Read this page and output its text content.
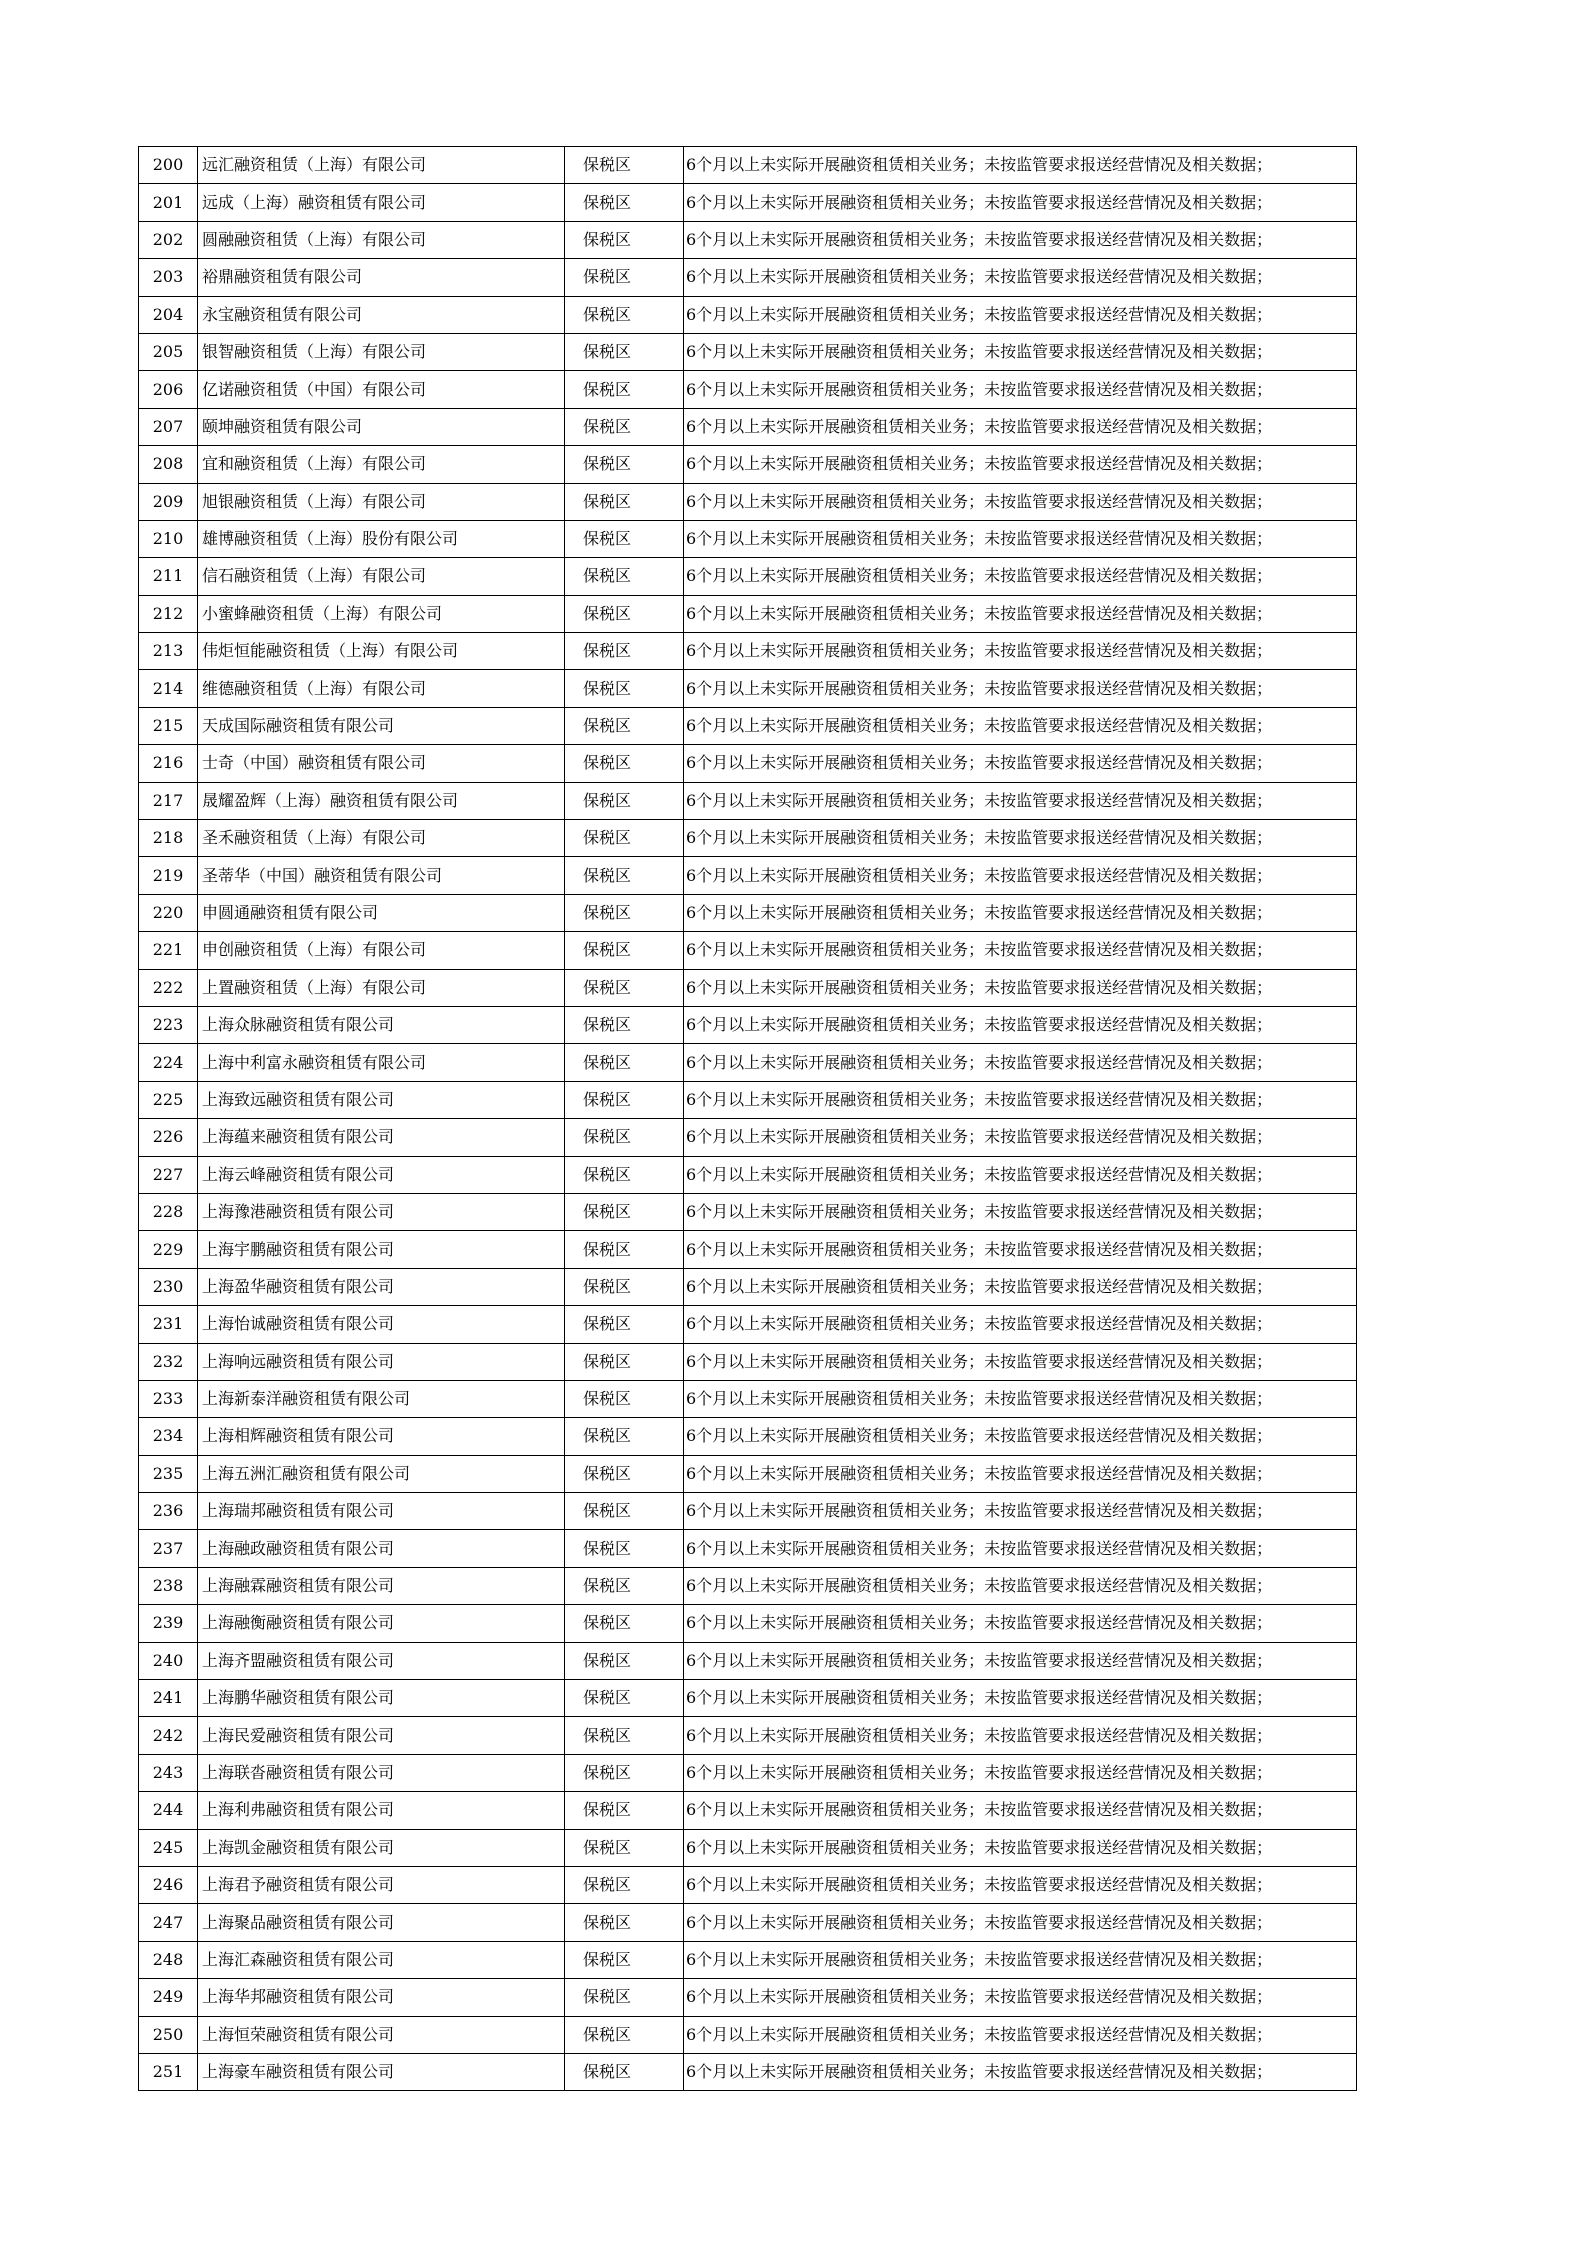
200	远汇融资租赁（上海）有限公司	保税区	6个月以上未实际开展融资租赁相关业务；未按监管要求报送经营情况及相关数据；
201	远成（上海）融资租赁有限公司	保税区	6个月以上未实际开展融资租赁相关业务；未按监管要求报送经营情况及相关数据；
202	圆融融资租赁（上海）有限公司	保税区	6个月以上未实际开展融资租赁相关业务；未按监管要求报送经营情况及相关数据；
203	裕鼎融资租赁有限公司	保税区	6个月以上未实际开展融资租赁相关业务；未按监管要求报送经营情况及相关数据；
204	永宝融资租赁有限公司	保税区	6个月以上未实际开展融资租赁相关业务；未按监管要求报送经营情况及相关数据；
205	银智融资租赁（上海）有限公司	保税区	6个月以上未实际开展融资租赁相关业务；未按监管要求报送经营情况及相关数据；
206	亿诺融资租赁（中国）有限公司	保税区	6个月以上未实际开展融资租赁相关业务；未按监管要求报送经营情况及相关数据；
207	颐坤融资租赁有限公司	保税区	6个月以上未实际开展融资租赁相关业务；未按监管要求报送经营情况及相关数据；
208	宜和融资租赁（上海）有限公司	保税区	6个月以上未实际开展融资租赁相关业务；未按监管要求报送经营情况及相关数据；
209	旭银融资租赁（上海）有限公司	保税区	6个月以上未实际开展融资租赁相关业务；未按监管要求报送经营情况及相关数据；
210	雄博融资租赁（上海）股份有限公司	保税区	6个月以上未实际开展融资租赁相关业务；未按监管要求报送经营情况及相关数据；
211	信石融资租赁（上海）有限公司	保税区	6个月以上未实际开展融资租赁相关业务；未按监管要求报送经营情况及相关数据；
212	小蜜蜂融资租赁（上海）有限公司	保税区	6个月以上未实际开展融资租赁相关业务；未按监管要求报送经营情况及相关数据；
213	伟炬恒能融资租赁（上海）有限公司	保税区	6个月以上未实际开展融资租赁相关业务；未按监管要求报送经营情况及相关数据；
214	维德融资租赁（上海）有限公司	保税区	6个月以上未实际开展融资租赁相关业务；未按监管要求报送经营情况及相关数据；
215	天成国际融资租赁有限公司	保税区	6个月以上未实际开展融资租赁相关业务；未按监管要求报送经营情况及相关数据；
216	士奇（中国）融资租赁有限公司	保税区	6个月以上未实际开展融资租赁相关业务；未按监管要求报送经营情况及相关数据；
217	晟耀盈辉（上海）融资租赁有限公司	保税区	6个月以上未实际开展融资租赁相关业务；未按监管要求报送经营情况及相关数据；
218	圣禾融资租赁（上海）有限公司	保税区	6个月以上未实际开展融资租赁相关业务；未按监管要求报送经营情况及相关数据；
219	圣蒂华（中国）融资租赁有限公司	保税区	6个月以上未实际开展融资租赁相关业务；未按监管要求报送经营情况及相关数据；
220	申圆通融资租赁有限公司	保税区	6个月以上未实际开展融资租赁相关业务；未按监管要求报送经营情况及相关数据；
221	申创融资租赁（上海）有限公司	保税区	6个月以上未实际开展融资租赁相关业务；未按监管要求报送经营情况及相关数据；
222	上置融资租赁（上海）有限公司	保税区	6个月以上未实际开展融资租赁相关业务；未按监管要求报送经营情况及相关数据；
223	上海众脉融资租赁有限公司	保税区	6个月以上未实际开展融资租赁相关业务；未按监管要求报送经营情况及相关数据；
224	上海中利富永融资租赁有限公司	保税区	6个月以上未实际开展融资租赁相关业务；未按监管要求报送经营情况及相关数据；
225	上海致远融资租赁有限公司	保税区	6个月以上未实际开展融资租赁相关业务；未按监管要求报送经营情况及相关数据；
226	上海蕴来融资租赁有限公司	保税区	6个月以上未实际开展融资租赁相关业务；未按监管要求报送经营情况及相关数据；
227	上海云峰融资租赁有限公司	保税区	6个月以上未实际开展融资租赁相关业务；未按监管要求报送经营情况及相关数据；
228	上海豫港融资租赁有限公司	保税区	6个月以上未实际开展融资租赁相关业务；未按监管要求报送经营情况及相关数据；
229	上海宇鹏融资租赁有限公司	保税区	6个月以上未实际开展融资租赁相关业务；未按监管要求报送经营情况及相关数据；
230	上海盈华融资租赁有限公司	保税区	6个月以上未实际开展融资租赁相关业务；未按监管要求报送经营情况及相关数据；
231	上海怡诚融资租赁有限公司	保税区	6个月以上未实际开展融资租赁相关业务；未按监管要求报送经营情况及相关数据；
232	上海响远融资租赁有限公司	保税区	6个月以上未实际开展融资租赁相关业务；未按监管要求报送经营情况及相关数据；
233	上海新泰洋融资租赁有限公司	保税区	6个月以上未实际开展融资租赁相关业务；未按监管要求报送经营情况及相关数据；
234	上海相辉融资租赁有限公司	保税区	6个月以上未实际开展融资租赁相关业务；未按监管要求报送经营情况及相关数据；
235	上海五洲汇融资租赁有限公司	保税区	6个月以上未实际开展融资租赁相关业务；未按监管要求报送经营情况及相关数据；
236	上海瑞邦融资租赁有限公司	保税区	6个月以上未实际开展融资租赁相关业务；未按监管要求报送经营情况及相关数据；
237	上海融政融资租赁有限公司	保税区	6个月以上未实际开展融资租赁相关业务；未按监管要求报送经营情况及相关数据；
238	上海融霖融资租赁有限公司	保税区	6个月以上未实际开展融资租赁相关业务；未按监管要求报送经营情况及相关数据；
239	上海融衡融资租赁有限公司	保税区	6个月以上未实际开展融资租赁相关业务；未按监管要求报送经营情况及相关数据；
240	上海齐盟融资租赁有限公司	保税区	6个月以上未实际开展融资租赁相关业务；未按监管要求报送经营情况及相关数据；
241	上海鹏华融资租赁有限公司	保税区	6个月以上未实际开展融资租赁相关业务；未按监管要求报送经营情况及相关数据；
242	上海民爱融资租赁有限公司	保税区	6个月以上未实际开展融资租赁相关业务；未按监管要求报送经营情况及相关数据；
243	上海联沓融资租赁有限公司	保税区	6个月以上未实际开展融资租赁相关业务；未按监管要求报送经营情况及相关数据；
244	上海利弗融资租赁有限公司	保税区	6个月以上未实际开展融资租赁相关业务；未按监管要求报送经营情况及相关数据；
245	上海凯金融资租赁有限公司	保税区	6个月以上未实际开展融资租赁相关业务；未按监管要求报送经营情况及相关数据；
246	上海君予融资租赁有限公司	保税区	6个月以上未实际开展融资租赁相关业务；未按监管要求报送经营情况及相关数据；
247	上海聚品融资租赁有限公司	保税区	6个月以上未实际开展融资租赁相关业务；未按监管要求报送经营情况及相关数据；
248	上海汇森融资租赁有限公司	保税区	6个月以上未实际开展融资租赁相关业务；未按监管要求报送经营情况及相关数据；
249	上海华邦融资租赁有限公司	保税区	6个月以上未实际开展融资租赁相关业务；未按监管要求报送经营情况及相关数据；
250	上海恒荣融资租赁有限公司	保税区	6个月以上未实际开展融资租赁相关业务；未按监管要求报送经营情况及相关数据；
251	上海豪车融资租赁有限公司	保税区	6个月以上未实际开展融资租赁相关业务；未按监管要求报送经营情况及相关数据；
